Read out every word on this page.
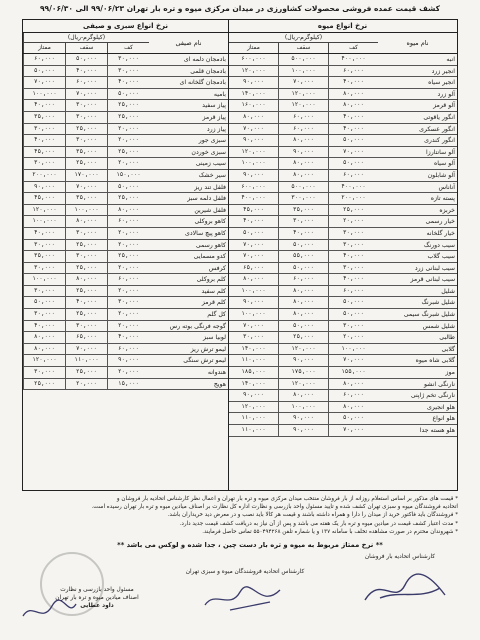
کشف قیمت عمده فروشی محصولات کشاورزی در میدان مرکزی میوه و تره بار تهران ۹۹/۰۶/۲۳ الی ۹۹/۰۶/۳۰
نرخ انواع میوه
(کیلوگرم-ریال)
ممتاز	سقف	کف
نام میوه
۶۰۰,۰۰۰	۵۰۰,۰۰۰	۴۰۰,۰۰۰	انبه
۱۲۰,۰۰۰	۱۰۰,۰۰۰	۶۰,۰۰۰	انجیر زرد
۹۰,۰۰۰	۷۰,۰۰۰	۴۰,۰۰۰	انجیر سیاه
۱۴۰,۰۰۰	۱۲۰,۰۰۰	۸۰,۰۰۰	آلو زرد
۱۶۰,۰۰۰	۱۲۰,۰۰۰	۸۰,۰۰۰	آلو قرمز
۸۰,۰۰۰	۶۰,۰۰۰	۴۰,۰۰۰	انگور یاقوتی
۷۰,۰۰۰	۶۰,۰۰۰	۴۰,۰۰۰	انگور عسکری
۹۰,۰۰۰	۸۰,۰۰۰	۵۰,۰۰۰	انگور کندری
۱۲۰,۰۰۰	۹۰,۰۰۰	۷۰,۰۰۰	آلو سانتارزا
۱۰۰,۰۰۰	۸۰,۰۰۰	۵۰,۰۰۰	آلو سیاه
۹۰,۰۰۰	۸۰,۰۰۰	۶۰,۰۰۰	آلو شابلون
۶۰۰,۰۰۰	۵۰۰,۰۰۰	۴۰۰,۰۰۰	آناناس
۴۰۰,۰۰۰	۳۰۰,۰۰۰	۲۰۰,۰۰۰	پسته تازه
۴۵,۰۰۰	۳۵,۰۰۰	۲۵,۰۰۰	خربزه
۴۰,۰۰۰	۳۰,۰۰۰	۲۰,۰۰۰	خیار رسمی
۵۰,۰۰۰	۴۰,۰۰۰	۳۰,۰۰۰	خیار گلخانه
۷۰,۰۰۰	۵۰,۰۰۰	۳۰,۰۰۰	سیب دورنگ
۷۰,۰۰۰	۵۵,۰۰۰	۴۰,۰۰۰	سیب گلاب
۶۵,۰۰۰	۵۰,۰۰۰	۳۰,۰۰۰	سیب لبنانی زرد
۸۰,۰۰۰	۶۰,۰۰۰	۴۰,۰۰۰	سیب لبنانی قرمز
۱۰۰,۰۰۰	۸۰,۰۰۰	۶۰,۰۰۰	شلیل
۹۰,۰۰۰	۸۰,۰۰۰	۵۰,۰۰۰	شلیل شبرنگ
۱۰۰,۰۰۰	۸۰,۰۰۰	۵۰,۰۰۰	شلیل شبرنگ سیمی
۷۰,۰۰۰	۵۰,۰۰۰	۳۰,۰۰۰	شلیل شمس
۳۰,۰۰۰	۲۵,۰۰۰	۲۰,۰۰۰	طالبی
۱۴۰,۰۰۰	۱۲۰,۰۰۰	۱۰۰,۰۰۰	گلابی
۱۱۰,۰۰۰	۹۰,۰۰۰	۷۰,۰۰۰	گلابی شاه میوه
۱۸۵,۰۰۰	۱۷۵,۰۰۰	۱۵۵,۰۰۰	موز
۱۴۰,۰۰۰	۱۲۰,۰۰۰	۸۰,۰۰۰	نارنگی انشو
۹۰,۰۰۰	۸۰,۰۰۰	۶۰,۰۰۰	نارنگی تخم ژاپنی
۱۲۰,۰۰۰	۱۰۰,۰۰۰	۸۰,۰۰۰	هلو انجیری
۱۱۰,۰۰۰	۹۰,۰۰۰	۵۰,۰۰۰	هلو انواع
۱۱۰,۰۰۰	۹۰,۰۰۰	۷۰,۰۰۰	هلو هسته جدا
نرخ انواع سبزی و صیفی
(کیلوگرم-ریال)
ممتاز	سقف	کف
نام صیفی
۶۰,۰۰۰	۵۰,۰۰۰	۳۰,۰۰۰	بادمجان دلمه ای
۵۰,۰۰۰	۴۰,۰۰۰	۳۰,۰۰۰	بادمجان قلمی
۷۰,۰۰۰	۶۰,۰۰۰	۴۰,۰۰۰	بادمجان گلخانه ای
۱۰۰,۰۰۰	۷۰,۰۰۰	۵۰,۰۰۰	بامیه
۴۰,۰۰۰	۳۰,۰۰۰	۲۵,۰۰۰	پیاز سفید
۳۵,۰۰۰	۳۰,۰۰۰	۲۵,۰۰۰	پیاز قرمز
۳۰,۰۰۰	۲۵,۰۰۰	۲۰,۰۰۰	پیاز زرد
۴۰,۰۰۰	۳۰,۰۰۰	۲۰,۰۰۰	سبزی جور
۴۵,۰۰۰	۳۵,۰۰۰	۲۵,۰۰۰	سبزی خوردن
۳۰,۰۰۰	۲۵,۰۰۰	۲۰,۰۰۰	سیب زمینی
۲۰۰,۰۰۰	۱۷۰,۰۰۰	۱۵۰,۰۰۰	سیر خشک
۹۰,۰۰۰	۷۰,۰۰۰	۵۰,۰۰۰	فلفل تند ریز
۴۵,۰۰۰	۳۵,۰۰۰	۲۵,۰۰۰	فلفل دلمه سبز
۱۲۰,۰۰۰	۱۰۰,۰۰۰	۸۰,۰۰۰	فلفل شیرین
۱۰۰,۰۰۰	۸۰,۰۰۰	۶۰,۰۰۰	کاهو بروکلی
۴۰,۰۰۰	۳۰,۰۰۰	۲۰,۰۰۰	کاهو پیچ سالادی
۳۰,۰۰۰	۲۵,۰۰۰	۲۰,۰۰۰	کاهو رسمی
۳۵,۰۰۰	۳۰,۰۰۰	۲۵,۰۰۰	کدو مسمایی
۳۰,۰۰۰	۲۵,۰۰۰	۲۰,۰۰۰	کرفس
۱۰۰,۰۰۰	۸۰,۰۰۰	۶۰,۰۰۰	کلم بروکلی
۳۰,۰۰۰	۲۵,۰۰۰	۲۰,۰۰۰	کلم سفید
۵۰,۰۰۰	۴۰,۰۰۰	۳۰,۰۰۰	کلم قرمز
۳۰,۰۰۰	۲۵,۰۰۰	۲۰,۰۰۰	کل گلم
۴۰,۰۰۰	۳۰,۰۰۰	۲۰,۰۰۰	گوجه فرنگی بوته رس
۸۰,۰۰۰	۶۵,۰۰۰	۴۰,۰۰۰	لوبیا سبز
۸۰,۰۰۰	۷۰,۰۰۰	۶۰,۰۰۰	لیمو ترش ریز
۱۲۰,۰۰۰	۱۱۰,۰۰۰	۹۰,۰۰۰	لیمو ترش سنگی
۳۰,۰۰۰	۲۵,۰۰۰	۲۰,۰۰۰	هندوانه
۲۵,۰۰۰	۲۰,۰۰۰	۱۵,۰۰۰	هویج

* قیمت های مذکور بر اساس استعلام روزانه از بار فروشان منتخب میدان مرکزی میوه و تره بار تهران و اعمال نظر کارشناس اتحادیه بار فروشان و

اتحادیه فروشندگان میوه و سبزی تهران کشف شده و تایید مسئول واحد بازرسی و نظارت اداره کل نظارت بر اصناف میادین میوه و تره بار تهران رسیده است.

* فروشندگان باید فاکتور خرید از میدان را دارا و همراه داشته باشند و قیمت هر کالا باید نصب و در معرض دید خریداران باشد.

* مدت اعتبار کشف قیمت در میادین میوه و تره بار یک هفته می باشد و پس از آن نیاز به دریافت کشف قیمت جدید دارد.

* شهروندان محترم در صورت مشاهده تخلف با سامانه ۱۳۷ و یا شماره تلفن ۵۵۰۴۹۴۲۶۸ تماس حاصل فرمایند.

** نرخ ممتاز مربوط به میوه و تره بار دست چین ، جدا شده و لوکس می باشد **
کارشناس اتحادیه بار فروشان
کارشناس اتحادیه فروشندگان میوه و سبزی تهران
مسئول واحد بازرسی و نظارت
اصناف میادین میوه و تره بار تهران
داود عطایی
